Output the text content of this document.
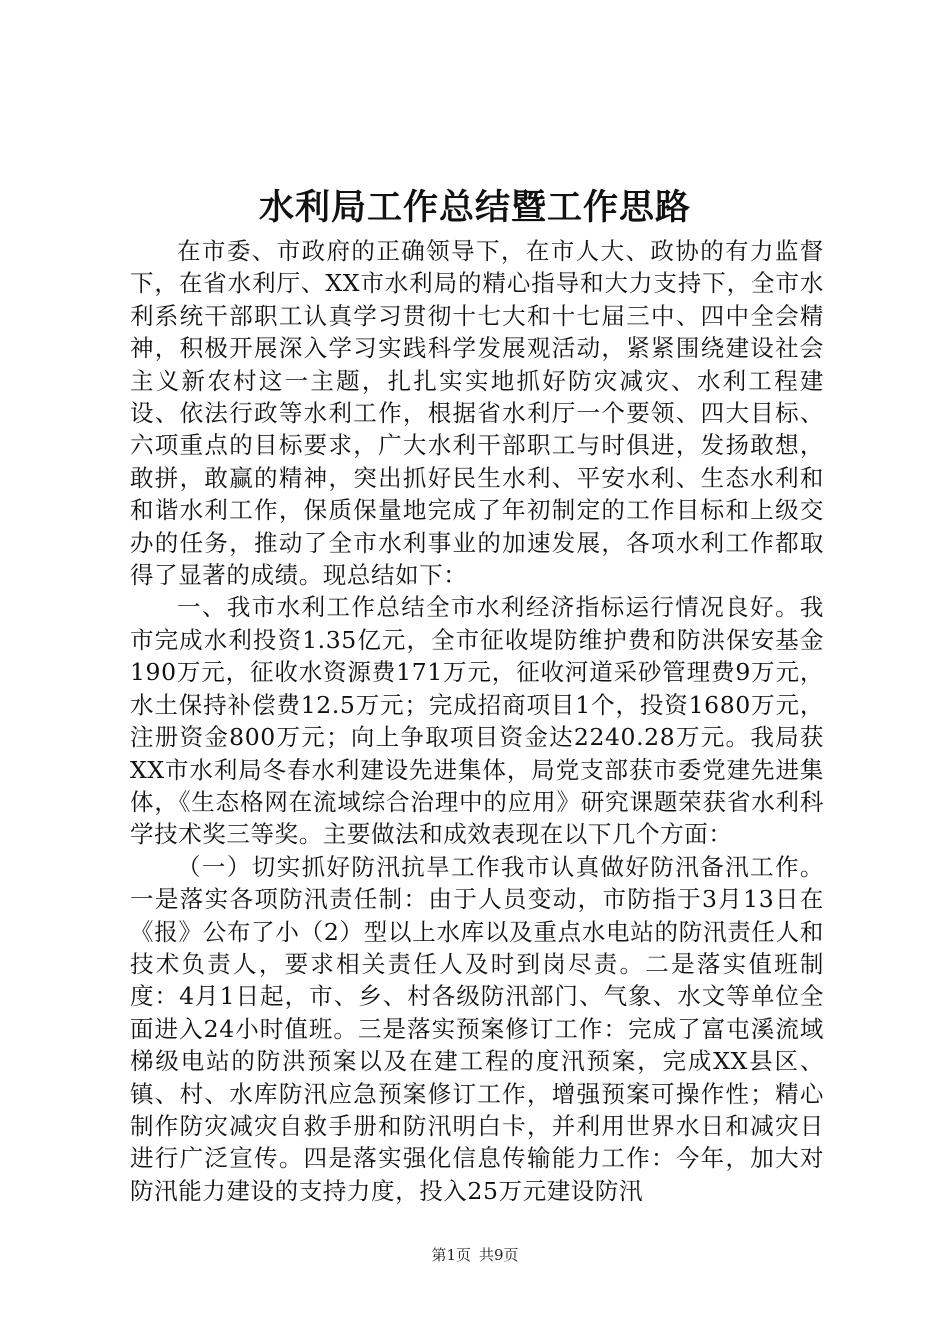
水利局工作总结暨工作思路

在市委、市政府的正确领导下，在市人大、政协的有力监督下，在省水利厅、XX市水利局的精心指导和大力支持下，全市水利系统干部职工认真学习贯彻十七大和十七届三中、四中全会精神，积极开展深入学习实践科学发展观活动，紧紧围绕建设社会主义新农村这一主题，扎扎实实地抓好防灾减灾、水利工程建设、依法行政等水利工作，根据省水利厅一个要领、四大目标、六项重点的目标要求，广大水利干部职工与时俱进，发扬敢想，敢拼，敢赢的精神，突出抓好民生水利、平安水利、生态水利和和谐水利工作，保质保量地完成了年初制定的工作目标和上级交办的任务，推动了全市水利事业的加速发展，各项水利工作都取得了显著的成绩。现总结如下：

一、我市水利工作总结全市水利经济指标运行情况良好。我市完成水利投资1.35亿元，全市征收堤防维护费和防洪保安基金190万元，征收水资源费171万元，征收河道采砂管理费9万元，水土保持补偿费12.5万元；完成招商项目1个，投资1680万元，注册资金800万元；向上争取项目资金达2240.28万元。我局获XX市水利局冬春水利建设先进集体，局党支部获市委党建先进集体，《生态格网在流域综合治理中的应用》研究课题荣获省水利科学技术奖三等奖。主要做法和成效表现在以下几个方面：

（一）切实抓好防汛抗旱工作我市认真做好防汛备汛工作。一是落实各项防汛责任制：由于人员变动，市防指于3月13日在《报》公布了小（2）型以上水库以及重点水电站的防汛责任人和技术负责人，要求相关责任人及时到岗尽责。二是落实值班制度：4月1日起，市、乡、村各级防汛部门、气象、水文等单位全面进入24小时值班。三是落实预案修订工作：完成了富屯溪流域梯级电站的防洪预案以及在建工程的度汛预案，完成XX县区、镇、村、水库防汛应急预案修订工作，增强预案可操作性；精心制作防灾减灾自救手册和防汛明白卡，并利用世界水日和减灾日进行广泛宣传。四是落实强化信息传输能力工作：今年，加大对防汛能力建设的支持力度，投入25万元建设防汛

第1页 共9页
